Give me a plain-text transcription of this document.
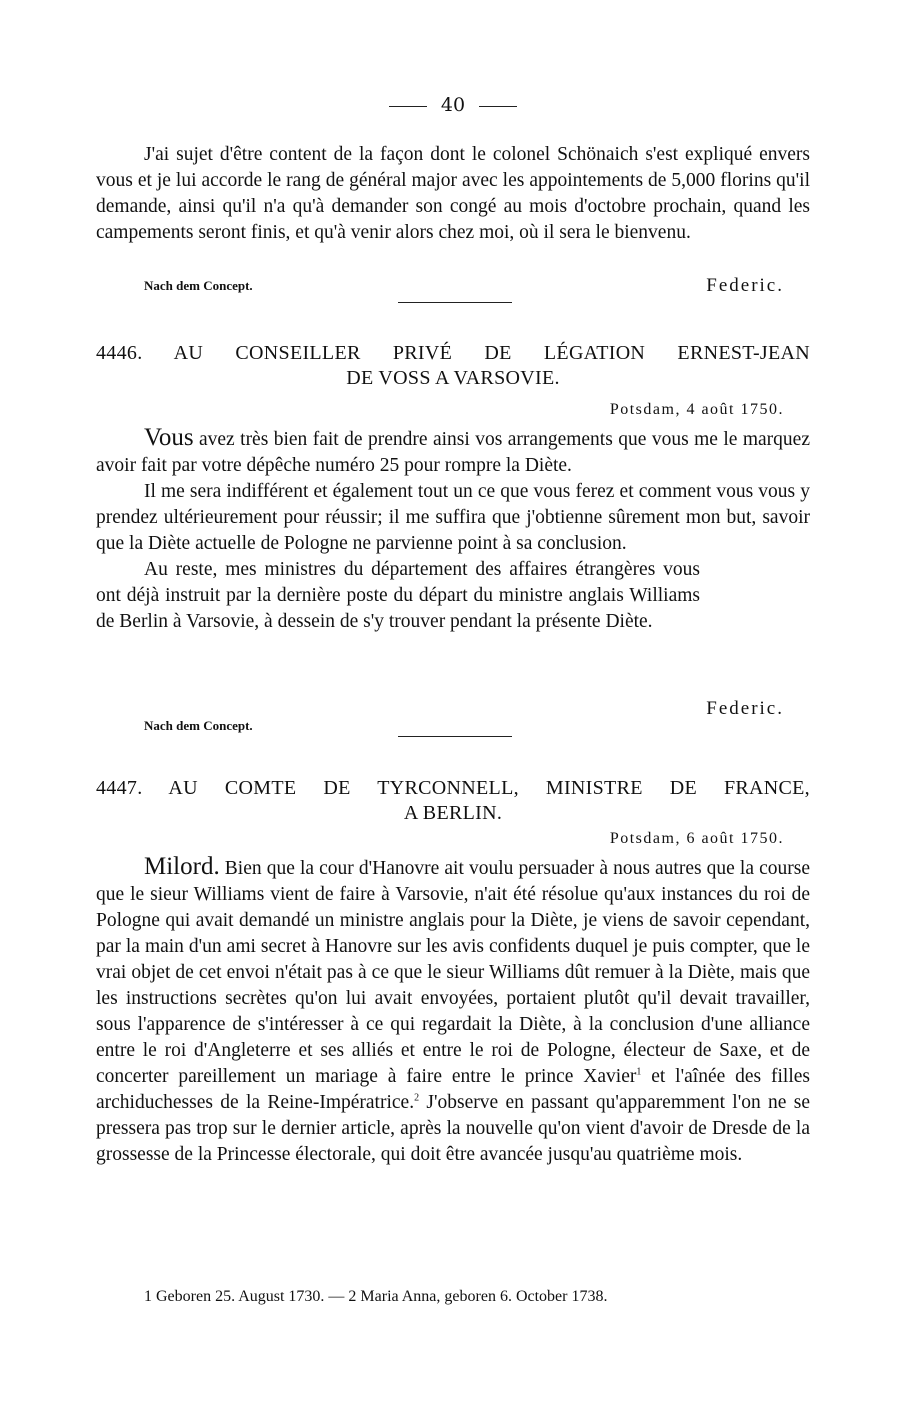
40
J'ai sujet d'être content de la façon dont le colonel Schönaich s'est expliqué envers vous et je lui accorde le rang de général major avec les appointements de 5,000 florins qu'il demande, ainsi qu'il n'a qu'à demander son congé au mois d'octobre prochain, quand les campements seront finis, et qu'à venir alors chez moi, où il sera le bienvenu.
Nach dem Concept.	Federic.
4446. AU CONSEILLER PRIVÉ DE LÉGATION ERNEST-JEAN
DE VOSS A VARSOVIE.
Potsdam, 4 août 1750.

Vous avez très bien fait de prendre ainsi vos arrangements que vous me le marquez avoir fait par votre dépêche numéro 25 pour rompre la Diète.

Il me sera indifférent et également tout un ce que vous ferez et comment vous vous y prendez ultérieurement pour réussir; il me suffira que j'obtienne sûrement mon but, savoir que la Diète actuelle de Pologne ne parvienne point à sa conclusion.

Au reste, mes ministres du département des affaires étrangères vous ont déjà instruit par la dernière poste du départ du ministre anglais Williams de Berlin à Varsovie, à dessein de s'y trouver pendant la présente Diète.

Nach dem Concept.
Federic.
4447. AU COMTE DE TYRCONNELL, MINISTRE DE FRANCE,
A BERLIN.
Potsdam, 6 août 1750.

Milord. Bien que la cour d'Hanovre ait voulu persuader à nous autres que la course que le sieur Williams vient de faire à Varsovie, n'ait été résolue qu'aux instances du roi de Pologne qui avait demandé un ministre anglais pour la Diète, je viens de savoir cependant, par la main d'un ami secret à Hanovre sur les avis confidents duquel je puis compter, que le vrai objet de cet envoi n'était pas à ce que le sieur Williams dût remuer à la Diète, mais que les instructions secrètes qu'on lui avait envoyées, portaient plutôt qu'il devait travailler, sous l'apparence de s'intéresser à ce qui regardait la Diète, à la conclusion d'une alliance entre le roi d'Angleterre et ses alliés et entre le roi de Pologne, électeur de Saxe, et de concerter pareillement un mariage à faire entre le prince Xavier$^1$ et l'aînée des filles archiduchesses de la Reine-Impératrice.$^2$ J'observe en passant qu'apparemment l'on ne se pressera pas trop sur le dernier article, après la nouvelle qu'on vient d'avoir de Dresde de la grossesse de la Princesse électorale, qui doit être avancée jusqu'au quatrième mois.

1 Geboren 25. August 1730. — 2 Maria Anna, geboren 6. October 1738.
